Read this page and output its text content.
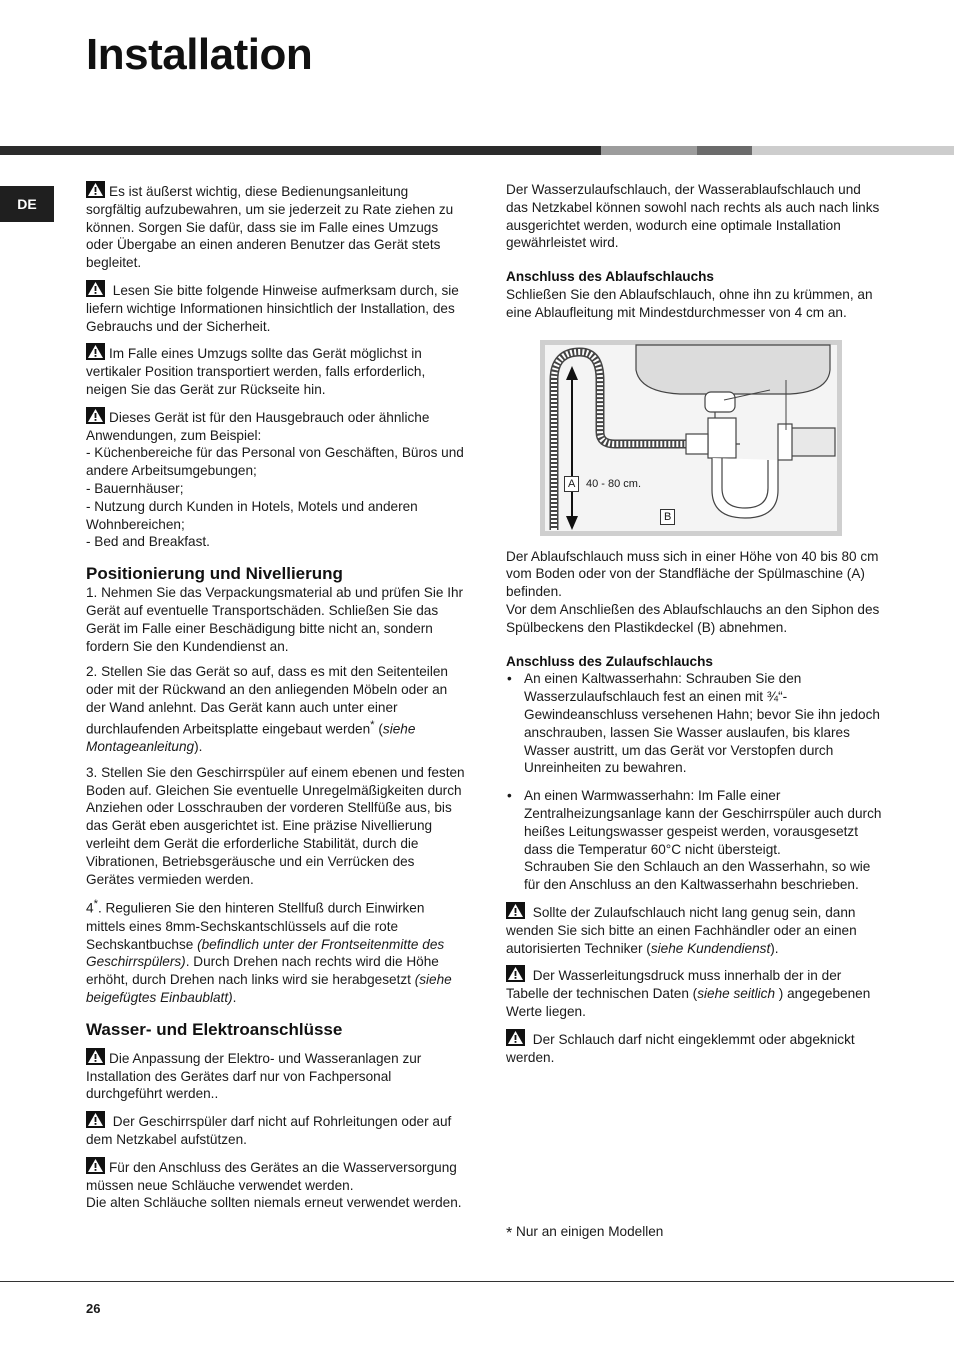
Installation
DE

Es ist äußerst wichtig, diese Bedienungsanleitung sorgfältig aufzubewahren, um sie jederzeit zu Rate ziehen zu können. Sorgen Sie dafür, dass sie im Falle eines Umzugs oder Übergabe an einen anderen Benutzer das Gerät stets begleitet.

Lesen Sie bitte folgende Hinweise aufmerksam durch, sie liefern wichtige Informationen hinsichtlich der Installation, des Gebrauchs und der Sicherheit.

Im Falle eines Umzugs sollte das Gerät möglichst in vertikaler Position transportiert werden, falls erforderlich, neigen Sie das Gerät zur Rückseite hin.

Dieses Gerät ist für den Hausgebrauch oder ähnliche Anwendungen, zum Beispiel:
- Küchenbereiche für das Personal von Geschäften, Büros und andere Arbeitsumgebungen;
- Bauernhäuser;
- Nutzung durch Kunden in Hotels, Motels und anderen Wohnbereichen;
- Bed and Breakfast.

Positionierung und Nivellierung

1. Nehmen Sie das Verpackungsmaterial ab und prüfen Sie Ihr Gerät auf eventuelle Transportschäden. Schließen Sie das Gerät im Falle einer Beschädigung bitte nicht an, sondern fordern Sie den Kundendienst an.

2. Stellen Sie das Gerät so auf, dass es mit den Seitenteilen oder mit der Rückwand an den anliegenden Möbeln oder an der Wand anlehnt. Das Gerät kann auch unter einer durchlaufenden Arbeitsplatte eingebaut werden* (siehe Montageanleitung).

3. Stellen Sie den Geschirrspüler auf einem ebenen und festen Boden auf. Gleichen Sie eventuelle Unregelmäßigkeiten durch Anziehen oder Losschrauben der vorderen Stellfüße aus, bis das Gerät eben ausgerichtet ist. Eine präzise Nivellierung verleiht dem Gerät die erforderliche Stabilität, durch die Vibrationen, Betriebsgeräusche und ein Verrücken des Gerätes vermieden werden.

4*. Regulieren Sie den hinteren Stellfuß durch Einwirken mittels eines 8mm-Sechskantschlüssels auf die rote Sechskantbuchse (befindlich unter der Frontseitenmitte des Geschirrspülers). Durch Drehen nach rechts wird die Höhe erhöht, durch Drehen nach links wird sie herabgesetzt (siehe beigefügtes Einbaublatt).

Wasser- und Elektroanschlüsse

Die Anpassung der Elektro- und Wasseranlagen zur Installation des Gerätes darf nur von Fachpersonal durchgeführt werden..

Der Geschirrspüler darf nicht auf Rohrleitungen oder auf dem Netzkabel aufstützen.

Für den Anschluss des Gerätes an die Wasserversorgung müssen neue Schläuche verwendet werden.
Die alten Schläuche sollten niemals erneut verwendet werden.

Der Wasserzulaufschlauch, der Wasserablaufschlauch und das Netzkabel können sowohl nach rechts als auch nach links ausgerichtet werden, wodurch eine optimale Installation gewährleistet wird.

Anschluss des Ablaufschlauchs

Schließen Sie den Ablaufschlauch, ohne ihn zu krümmen, an eine Ablaufleitung mit Mindestdurchmesser von 4 cm an.

A 40 - 80 cm.
B

Der Ablaufschlauch muss sich in einer Höhe von 40 bis 80 cm vom Boden oder von der Standfläche der Spülmaschine (A) befinden.
Vor dem Anschließen des Ablaufschlauchs an den Siphon des Spülbeckens den Plastikdeckel (B) abnehmen.

Anschluss des Zulaufschlauchs
• An einen Kaltwasserhahn: Schrauben Sie den Wasserzulaufschlauch fest an einen mit ¾“-Gewindeanschluss versehenen Hahn; bevor Sie ihn jedoch anschrauben, lassen Sie Wasser auslaufen, bis klares Wasser austritt, um das Gerät vor Verstopfen durch Unreinheiten zu bewahren.
• An einen Warmwasserhahn: Im Falle einer Zentralheizungsanlage kann der Geschirrspüler auch durch heißes Leitungswasser gespeist werden, vorausgesetzt dass die Temperatur 60°C nicht übersteigt.
Schrauben Sie den Schlauch an den Wasserhahn, so wie für den Anschluss an den Kaltwasserhahn beschrieben.

Sollte der Zulaufschlauch nicht lang genug sein, dann wenden Sie sich bitte an einen Fachhändler oder an einen autorisierten Techniker (siehe Kundendienst).

Der Wasserleitungsdruck muss innerhalb der in der Tabelle der technischen Daten (siehe seitlich ) angegebenen Werte liegen.

Der Schlauch darf nicht eingeklemmt oder abgeknickt werden.

* Nur an einigen Modellen
26
